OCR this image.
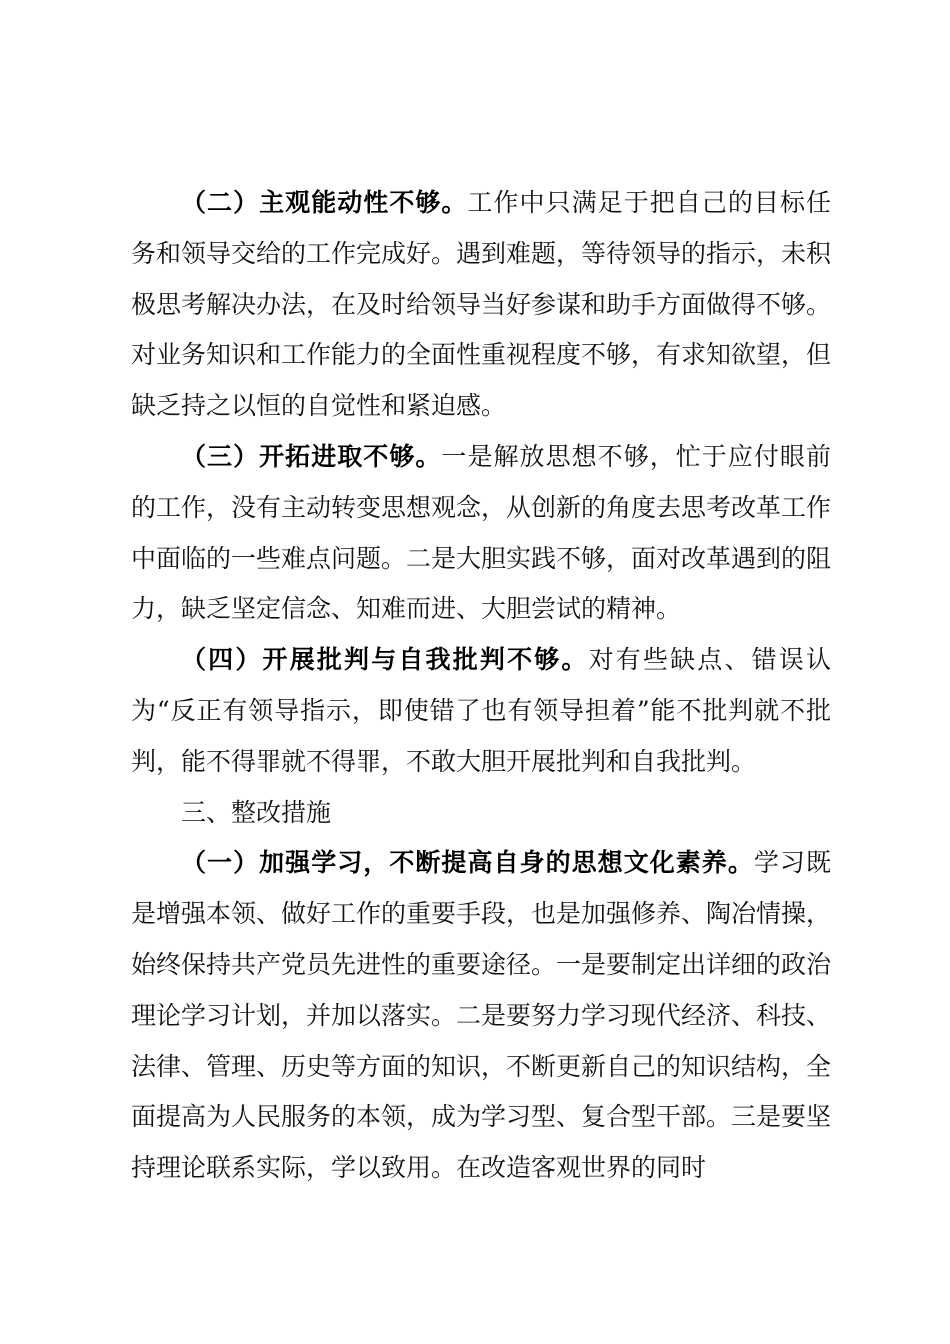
（二）主观能动性不够。工作中只满足于把自己的目标任务和领导交给的工作完成好。遇到难题，等待领导的指示，未积极思考解决办法，在及时给领导当好参谋和助手方面做得不够。对业务知识和工作能力的全面性重视程度不够，有求知欲望，但缺乏持之以恒的自觉性和紧迫感。

（三）开拓进取不够。一是解放思想不够，忙于应付眼前的工作，没有主动转变思想观念，从创新的角度去思考改革工作中面临的一些难点问题。二是大胆实践不够，面对改革遇到的阻力，缺乏坚定信念、知难而进、大胆尝试的精神。

（四）开展批判与自我批判不够。对有些缺点、错误认为“反正有领导指示，即使错了也有领导担着”能不批判就不批判，能不得罪就不得罪，不敢大胆开展批判和自我批判。

三、整改措施

（一）加强学习，不断提高自身的思想文化素养。学习既是增强本领、做好工作的重要手段，也是加强修养、陶冶情操，始终保持共产党员先进性的重要途径。一是要制定出详细的政治理论学习计划，并加以落实。二是要努力学习现代经济、科技、法律、管理、历史等方面的知识，不断更新自己的知识结构，全面提高为人民服务的本领，成为学习型、复合型干部。三是要坚持理论联系实际，学以致用。在改造客观世界的同时
